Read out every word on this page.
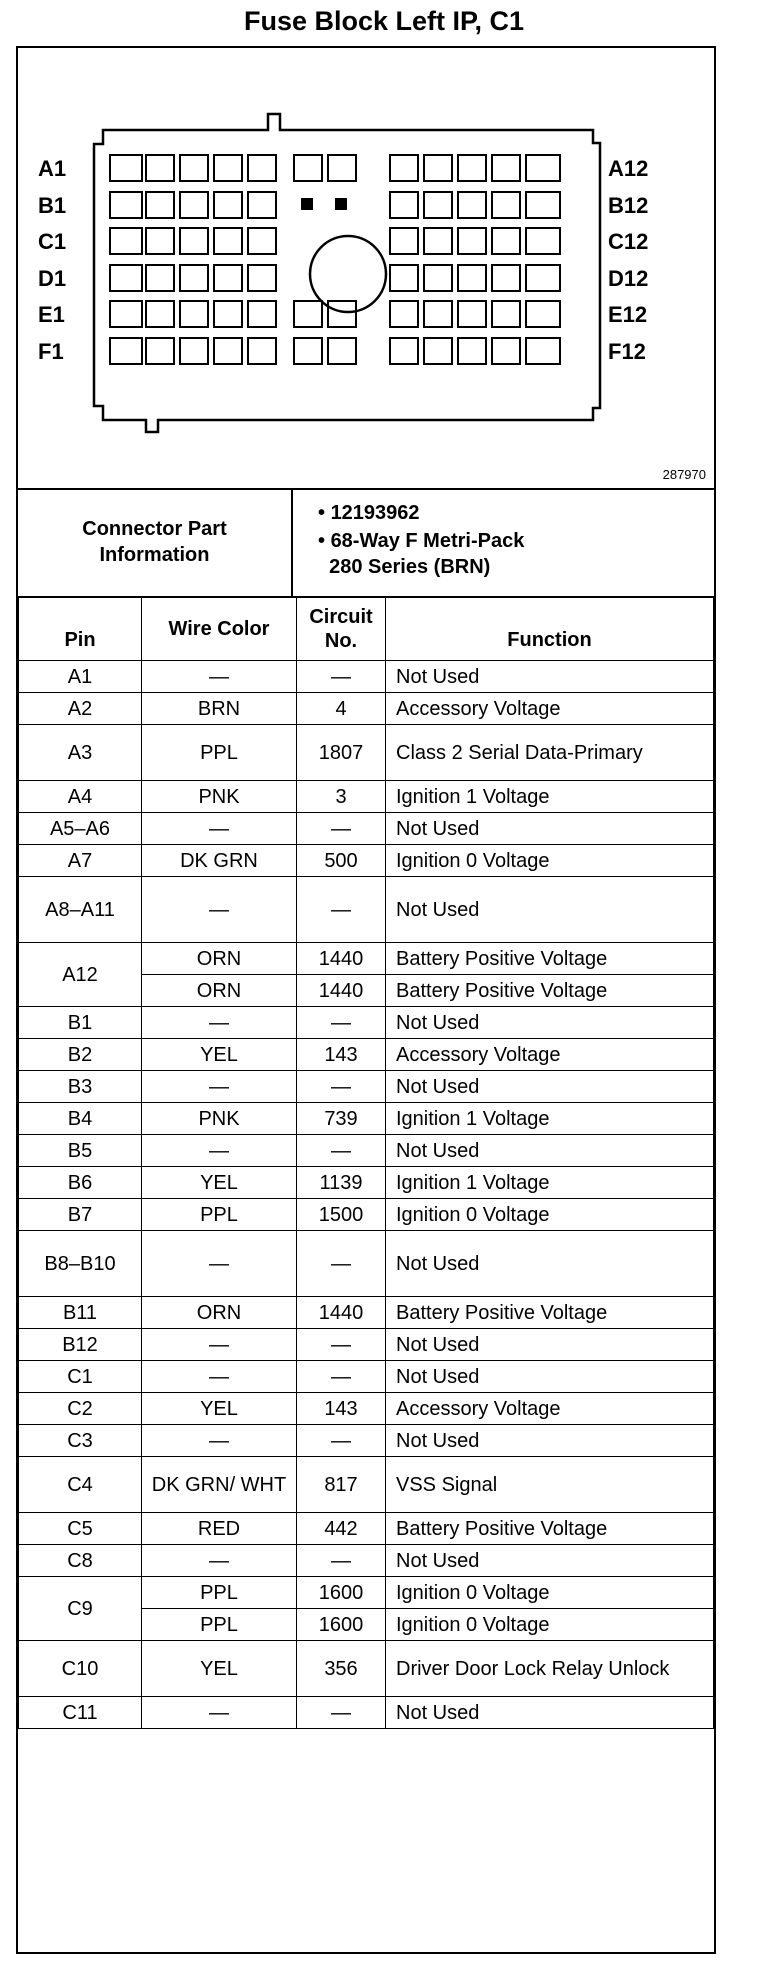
Fuse Block Left IP, C1
A1
B1
C1
D1
E1
F1
A12
B12
C12
D12
E12
F12
287970
Connector Part
Information
• 12193962
• 68-Way F Metri-Pack
280 Series (BRN)
Pin	Wire Color	Circuit No.	Function
A1	—	—	Not Used
A2	BRN	4	Accessory Voltage
A3	PPL	1807	Class 2 Serial Data-Primary
A4	PNK	3	Ignition 1 Voltage
A5–A6	—	—	Not Used
A7	DK GRN	500	Ignition 0 Voltage
A8–A11	—	—	Not Used
A12	ORN	1440	Battery Positive Voltage
	ORN	1440	Battery Positive Voltage
B1	—	—	Not Used
B2	YEL	143	Accessory Voltage
B3	—	—	Not Used
B4	PNK	739	Ignition 1 Voltage
B5	—	—	Not Used
B6	YEL	1139	Ignition 1 Voltage
B7	PPL	1500	Ignition 0 Voltage
B8–B10	—	—	Not Used
B11	ORN	1440	Battery Positive Voltage
B12	—	—	Not Used
C1	—	—	Not Used
C2	YEL	143	Accessory Voltage
C3	—	—	Not Used
C4	DK GRN/ WHT	817	VSS Signal
C5	RED	442	Battery Positive Voltage
C8	—	—	Not Used
C9	PPL	1600	Ignition 0 Voltage
	PPL	1600	Ignition 0 Voltage
C10	YEL	356	Driver Door Lock Relay Unlock
C11	—	—	Not Used
